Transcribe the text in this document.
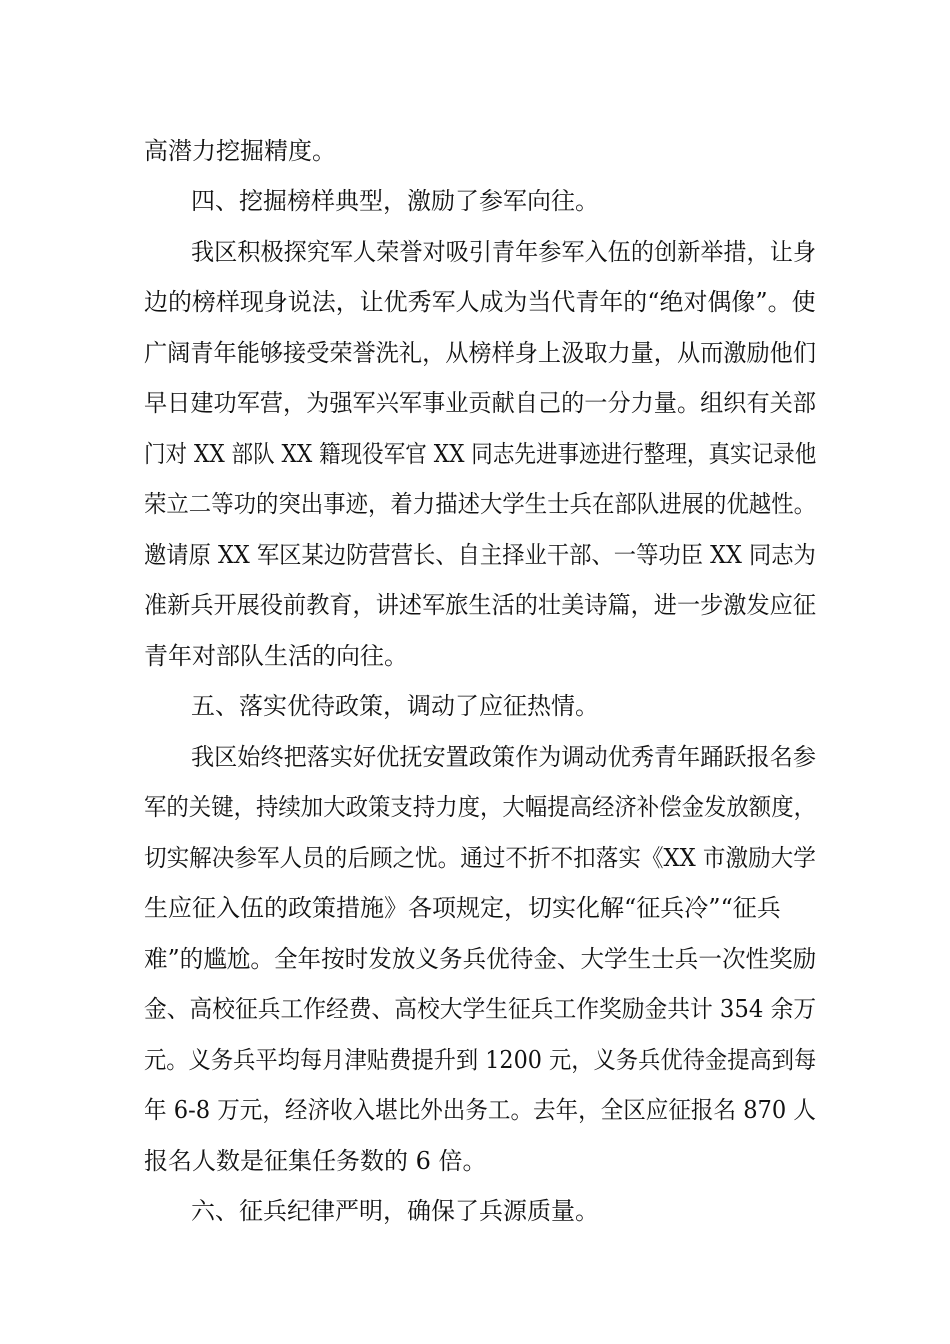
高潜力挖掘精度。

四、挖掘榜样典型，激励了参军向往。

我区积极探究军人荣誉对吸引青年参军入伍的创新举措，让身

边的榜样现身说法，让优秀军人成为当代青年的“绝对偶像”。使

广阔青年能够接受荣誉洗礼，从榜样身上汲取力量，从而激励他们

早日建功军营，为强军兴军事业贡献自己的一分力量。组织有关部

门对 XX 部队 XX 籍现役军官 XX 同志先进事迹进行整理，真实记录他

荣立二等功的突出事迹，着力描述大学生士兵在部队进展的优越性。

邀请原 XX 军区某边防营营长、自主择业干部、一等功臣 XX 同志为

准新兵开展役前教育，讲述军旅生活的壮美诗篇，进一步激发应征

青年对部队生活的向往。

五、落实优待政策，调动了应征热情。

我区始终把落实好优抚安置政策作为调动优秀青年踊跃报名参

军的关键，持续加大政策支持力度，大幅提高经济补偿金发放额度，

切实解决参军人员的后顾之忧。通过不折不扣落实《XX 市激励大学

生应征入伍的政策措施》各项规定，切实化解“征兵冷”“征兵

难”的尴尬。全年按时发放义务兵优待金、大学生士兵一次性奖励

金、高校征兵工作经费、高校大学生征兵工作奖励金共计 354 余万

元。义务兵平均每月津贴费提升到 1200 元，义务兵优待金提高到每

年 6-8 万元，经济收入堪比外出务工。去年，全区应征报名 870 人

报名人数是征集任务数的 6 倍。

六、征兵纪律严明，确保了兵源质量。
